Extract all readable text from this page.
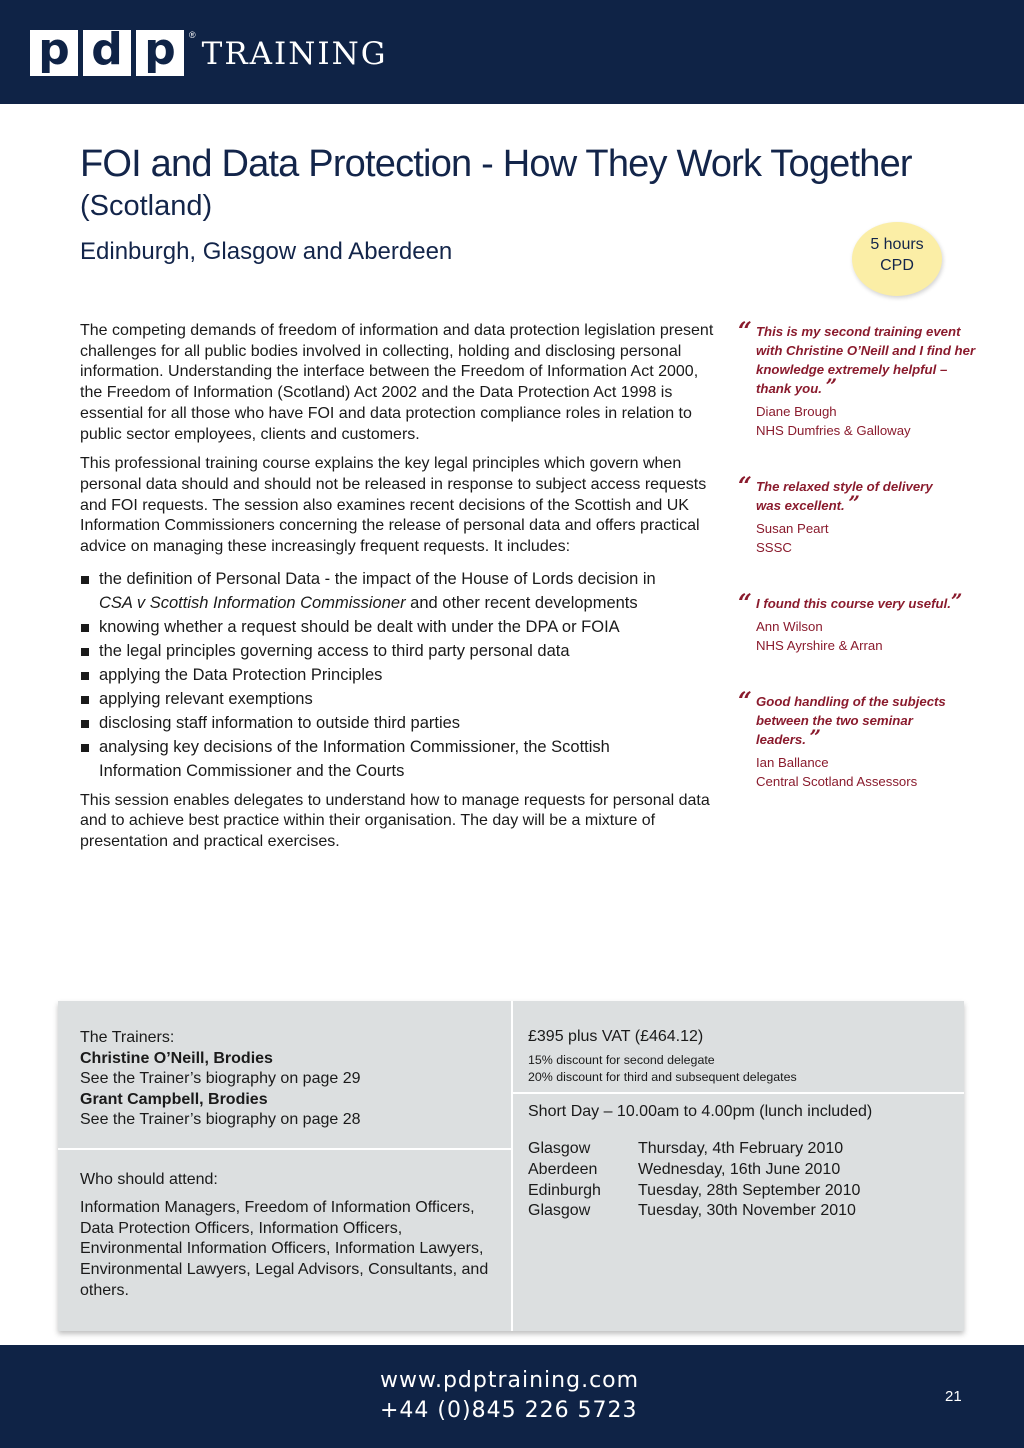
p d p	®
TRAINING
FOI and Data Protection - How They Work Together
(Scotland)
Edinburgh, Glasgow and Aberdeen	5 hours
CPD

The competing demands of freedom of information and data protection legislation present challenges for all public bodies involved in collecting, holding and disclosing personal information. Understanding the interface between the Freedom of Information Act 2000, the Freedom of Information (Scotland) Act 2002 and the Data Protection Act 1998 is essential for all those who have FOI and data protection compliance roles in relation to public sector employees, clients and customers.

This professional training course explains the key legal principles which govern when personal data should and should not be released in response to subject access requests and FOI requests. The session also examines recent decisions of the Scottish and UK Information Commissioners concerning the release of personal data and offers practical advice on managing these increasingly frequent requests. It includes:

the definition of Personal Data - the impact of the House of Lords decision in
CSA v Scottish Information Commissioner and other recent developments
knowing whether a request should be dealt with under the DPA or FOIA
the legal principles governing access to third party personal data
applying the Data Protection Principles
applying relevant exemptions
disclosing staff information to outside third parties
analysing key decisions of the Information Commissioner, the Scottish Information Commissioner and the Courts

This session enables delegates to understand how to manage requests for personal data and to achieve best practice within their organisation. The day will be a mixture of presentation and practical exercises.

“ This is my second training event with Christine O’Neill and I find her knowledge extremely helpful – thank you. ”
Diane Brough
NHS Dumfries & Galloway
“ The relaxed style of delivery was excellent. ”
Susan Peart
SSSC
“ I found this course very useful.”
Ann Wilson
NHS Ayrshire & Arran
“ Good handling of the subjects between the two seminar leaders. ”
Ian Ballance
Central Scotland Assessors
The Trainers:
Christine O’Neill, Brodies
See the Trainer’s biography on page 29
Grant Campbell, Brodies
See the Trainer’s biography on page 28
Who should attend:
Information Managers, Freedom of Information Officers, Data Protection Officers, Information Officers, Environmental Information Officers, Information Lawyers, Environmental Lawyers, Legal Advisors, Consultants, and others.
£395 plus VAT (£464.12)
15% discount for second delegate
20% discount for third and subsequent delegates
Short Day – 10.00am to 4.00pm (lunch included)
Glasgow	Thursday, 4th February 2010
Aberdeen	Wednesday, 16th June 2010
Edinburgh	Tuesday, 28th September 2010
Glasgow	Tuesday, 30th November 2010
www.pdptraining.com
+44 (0)845 226 5723
21
